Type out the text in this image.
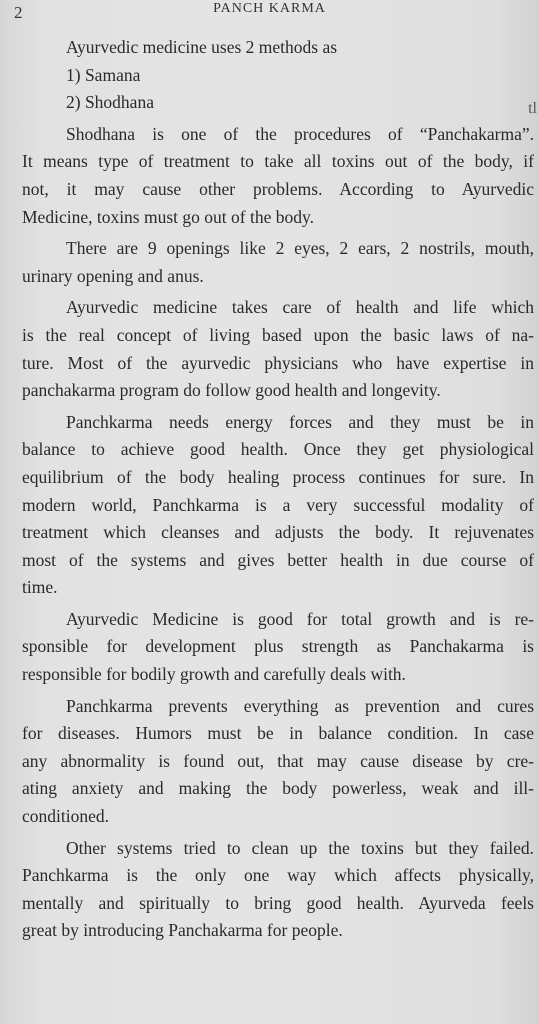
2	PANCH KARMA
tl
Ayurvedic medicine uses 2 methods as
1) Samana
2) Shodhana
Shodhana is one of the procedures of “Panchakarma”.
It means type of treatment to take all toxins out of the body, if
not, it may cause other problems. According to Ayurvedic
Medicine, toxins must go out of the body.
There are 9 openings like 2 eyes, 2 ears, 2 nostrils, mouth,
urinary opening and anus.
Ayurvedic medicine takes care of health and life which
is the real concept of living based upon the basic laws of na-
ture. Most of the ayurvedic physicians who have expertise in
panchakarma program do follow good health and longevity.
Panchkarma needs energy forces and they must be in
balance to achieve good health. Once they get physiological
equilibrium of the body healing process continues for sure. In
modern world, Panchkarma is a very successful modality of
treatment which cleanses and adjusts the body. It rejuvenates
most of the systems and gives better health in due course of
time.
Ayurvedic Medicine is good for total growth and is re-
sponsible for development plus strength as Panchakarma is
responsible for bodily growth and carefully deals with.
Panchkarma prevents everything as prevention and cures
for diseases. Humors must be in balance condition. In case
any abnormality is found out, that may cause disease by cre-
ating anxiety and making the body powerless, weak and ill-
conditioned.
Other systems tried to clean up the toxins but they failed.
Panchkarma is the only one way which affects physically,
mentally and spiritually to bring good health. Ayurveda feels
great by introducing Panchakarma for people.
